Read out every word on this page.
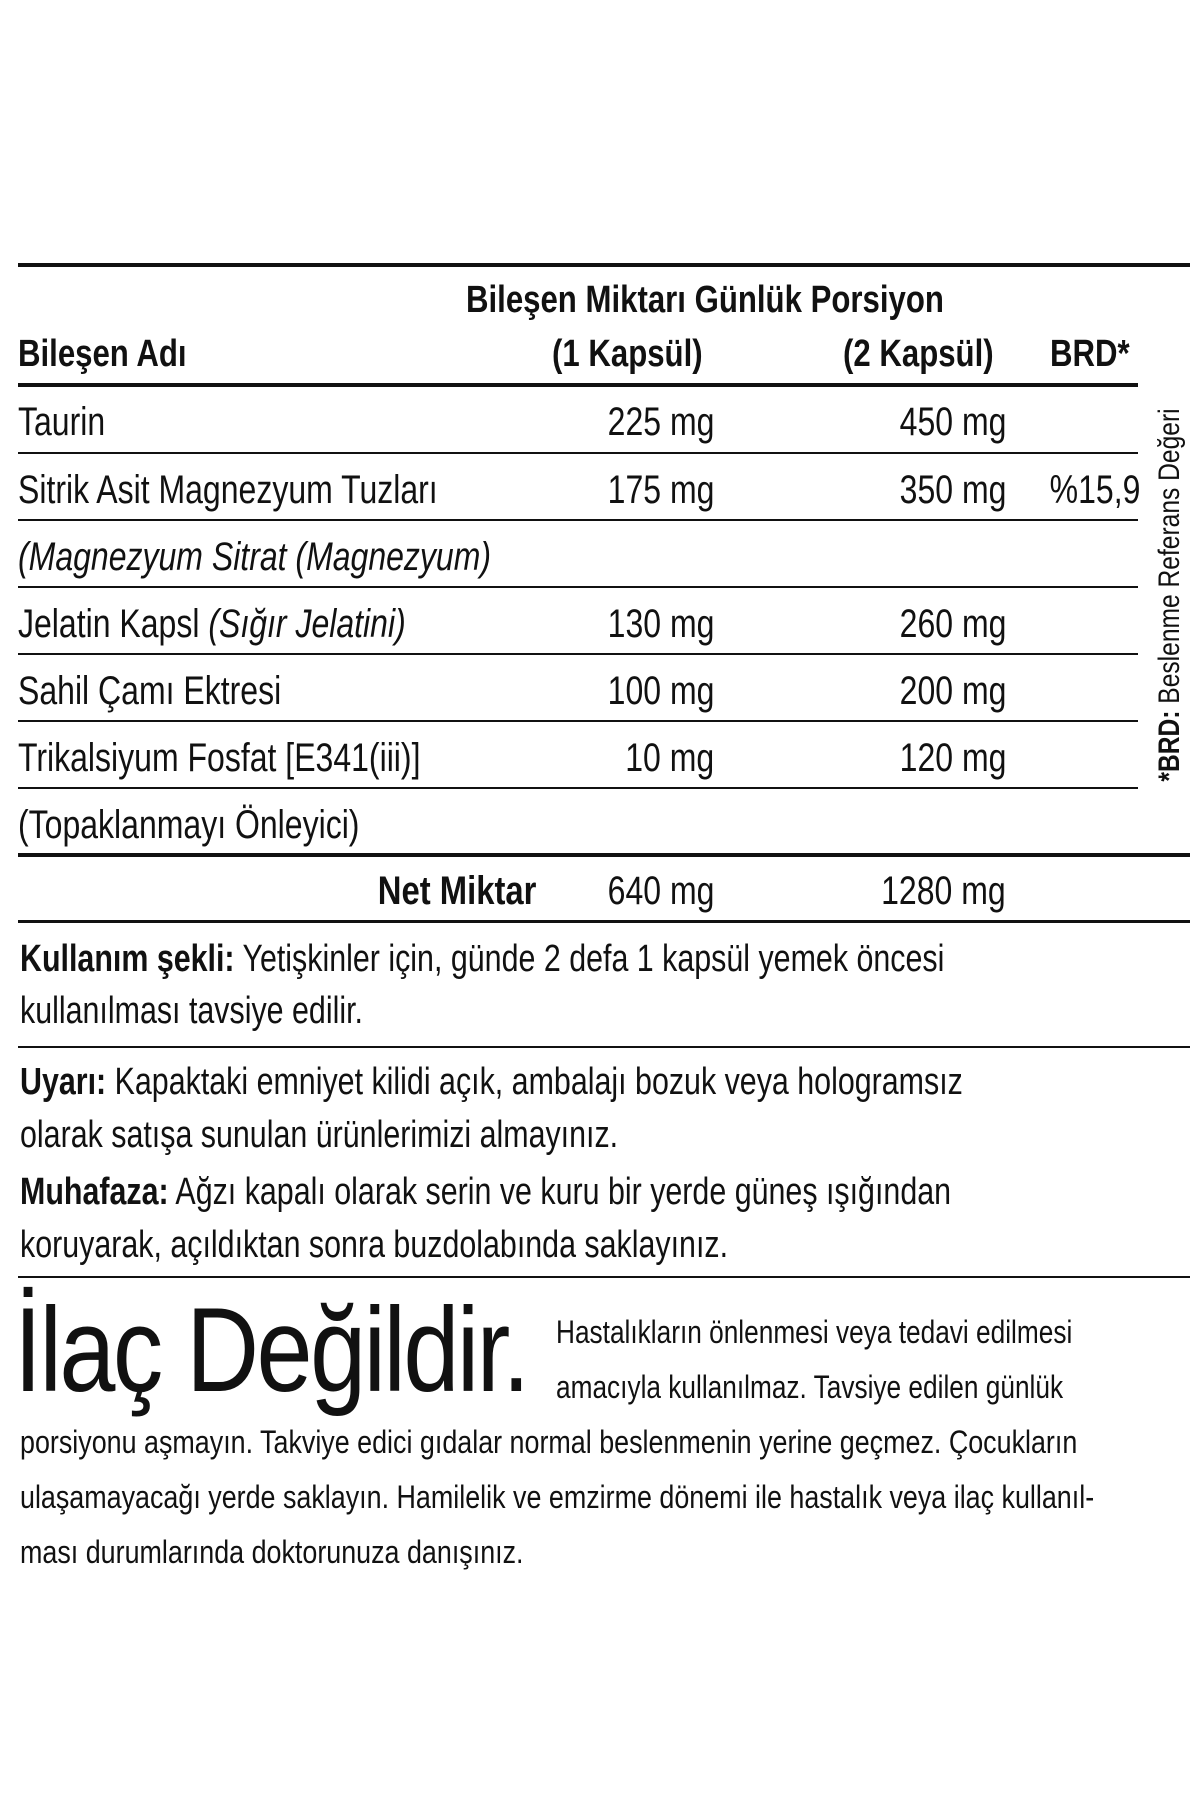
Bileşen Miktarı Günlük Porsiyon
Bileşen Adı	(1 Kapsül)	(2 Kapsül)	BRD*
Taurin	225 mg	450 mg
Sitrik Asit Magnezyum Tuzları	175 mg	350 mg	%15,9
(Magnezyum Sitrat (Magnezyum)
Jelatin Kapsl (Sığır Jelatini)	130 mg	260 mg
Sahil Çamı Ektresi	100 mg	200 mg
Trikalsiyum Fosfat [E341(iii)]	10 mg	120 mg
(Topaklanmayı Önleyici)
Net Miktar	640 mg	1280 mg
*BRD: Beslenme Referans Değeri
Kullanım şekli: Yetişkinler için, günde 2 defa 1 kapsül yemek öncesi
kullanılması tavsiye edilir.
Uyarı: Kapaktaki emniyet kilidi açık, ambalajı bozuk veya hologramsız
olarak satışa sunulan ürünlerimizi almayınız.
Muhafaza: Ağzı kapalı olarak serin ve kuru bir yerde güneş ışığından
koruyarak, açıldıktan sonra buzdolabında saklayınız.
İlaç Değildir. Hastalıkların önlenmesi veya tedavi edilmesi
amacıyla kullanılmaz. Tavsiye edilen günlük
porsiyonu aşmayın. Takviye edici gıdalar normal beslenmenin yerine geçmez. Çocukların
ulaşamayacağı yerde saklayın. Hamilelik ve emzirme dönemi ile hastalık veya ilaç kullanıl-
ması durumlarında doktorunuza danışınız.
